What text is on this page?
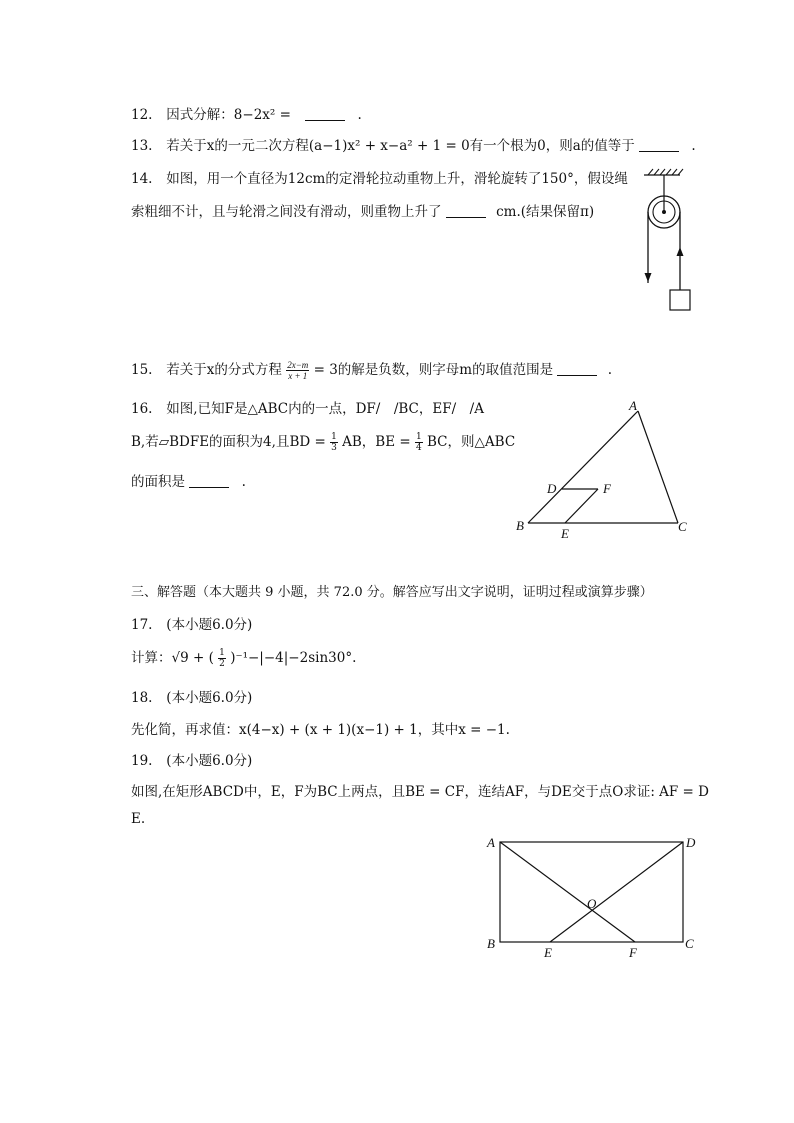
12. 因式分解：8−2x² =	.
13. 若关于x的一元二次方程(a−1)x² + x−a² + 1 = 0有一个根为0，则a的值等于	.
14. 如图，用一个直径为12cm的定滑轮拉动重物上升，滑轮旋转了150°，假设绳
索粗细不计，且与轮滑之间没有滑动，则重物上升了	cm.(结果保留π)
15. 若关于x的分式方程 $\frac{2x-m}{x + 1} = 3$的解是负数，则字母m的取值范围是	.
16. 如图,已知F是△ABC内的一点，DF/　/BC，EF/　/A
B,若▱BDFE的面积为4,且BD = $\frac{1}{3}$ AB，BE = $\frac{1}{4}$ BC，则△ABC
的面积是	.
A
B	C
D
E
F
三、解答题（本大题共 9 小题，共 72.0 分。解答应写出文字说明，证明过程或演算步骤）
17. (本小题6.0分)
计算：√9 + ( $\frac{1}{2} )^{-1}-|-4|-2\sin 30^\circ$.
18. (本小题6.0分)
先化简，再求值：x(4−x) + (x + 1)(x−1) + 1，其中x = −1.
19. (本小题6.0分)
如图,在矩形ABCD中，E，F为BC上两点，且BE = CF，连结AF，与DE交于点O求证: AF = D
E.
A	D
B	C
E	F
O
